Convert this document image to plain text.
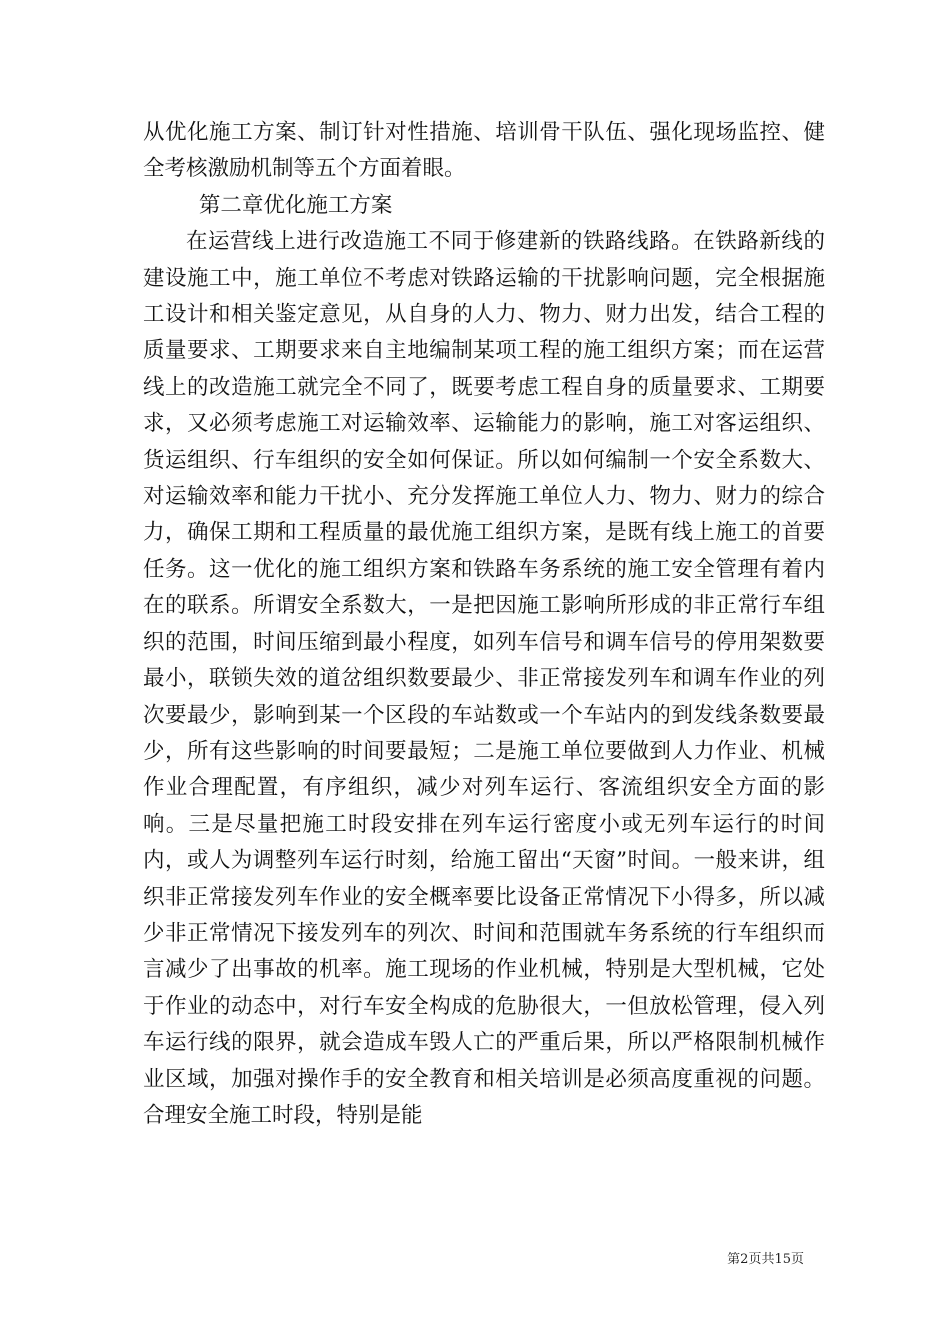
从优化施工方案、制订针对性措施、培训骨干队伍、强化现场监控、健全考核激励机制等五个方面着眼。

第二章优化施工方案

在运营线上进行改造施工不同于修建新的铁路线路。在铁路新线的建设施工中，施工单位不考虑对铁路运输的干扰影响问题，完全根据施工设计和相关鉴定意见，从自身的人力、物力、财力出发，结合工程的质量要求、工期要求来自主地编制某项工程的施工组织方案；而在运营线上的改造施工就完全不同了，既要考虑工程自身的质量要求、工期要求，又必须考虑施工对运输效率、运输能力的影响，施工对客运组织、货运组织、行车组织的安全如何保证。所以如何编制一个安全系数大、对运输效率和能力干扰小、充分发挥施工单位人力、物力、财力的综合力，确保工期和工程质量的最优施工组织方案，是既有线上施工的首要任务。这一优化的施工组织方案和铁路车务系统的施工安全管理有着内在的联系。所谓安全系数大，一是把因施工影响所形成的非正常行车组织的范围，时间压缩到最小程度，如列车信号和调车信号的停用架数要最小，联锁失效的道岔组织数要最少、非正常接发列车和调车作业的列次要最少，影响到某一个区段的车站数或一个车站内的到发线条数要最少，所有这些影响的时间要最短；二是施工单位要做到人力作业、机械作业合理配置，有序组织，减少对列车运行、客流组织安全方面的影响。三是尽量把施工时段安排在列车运行密度小或无列车运行的时间内，或人为调整列车运行时刻，给施工留出“天窗”时间。一般来讲，组织非正常接发列车作业的安全概率要比设备正常情况下小得多，所以减少非正常情况下接发列车的列次、时间和范围就车务系统的行车组织而言减少了出事故的机率。施工现场的作业机械，特别是大型机械，它处于作业的动态中，对行车安全构成的危胁很大，一但放松管理，侵入列车运行线的限界，就会造成车毁人亡的严重后果，所以严格限制机械作业区域，加强对操作手的安全教育和相关培训是必须高度重视的问题。合理安全施工时段，特别是能

第2页共15页
